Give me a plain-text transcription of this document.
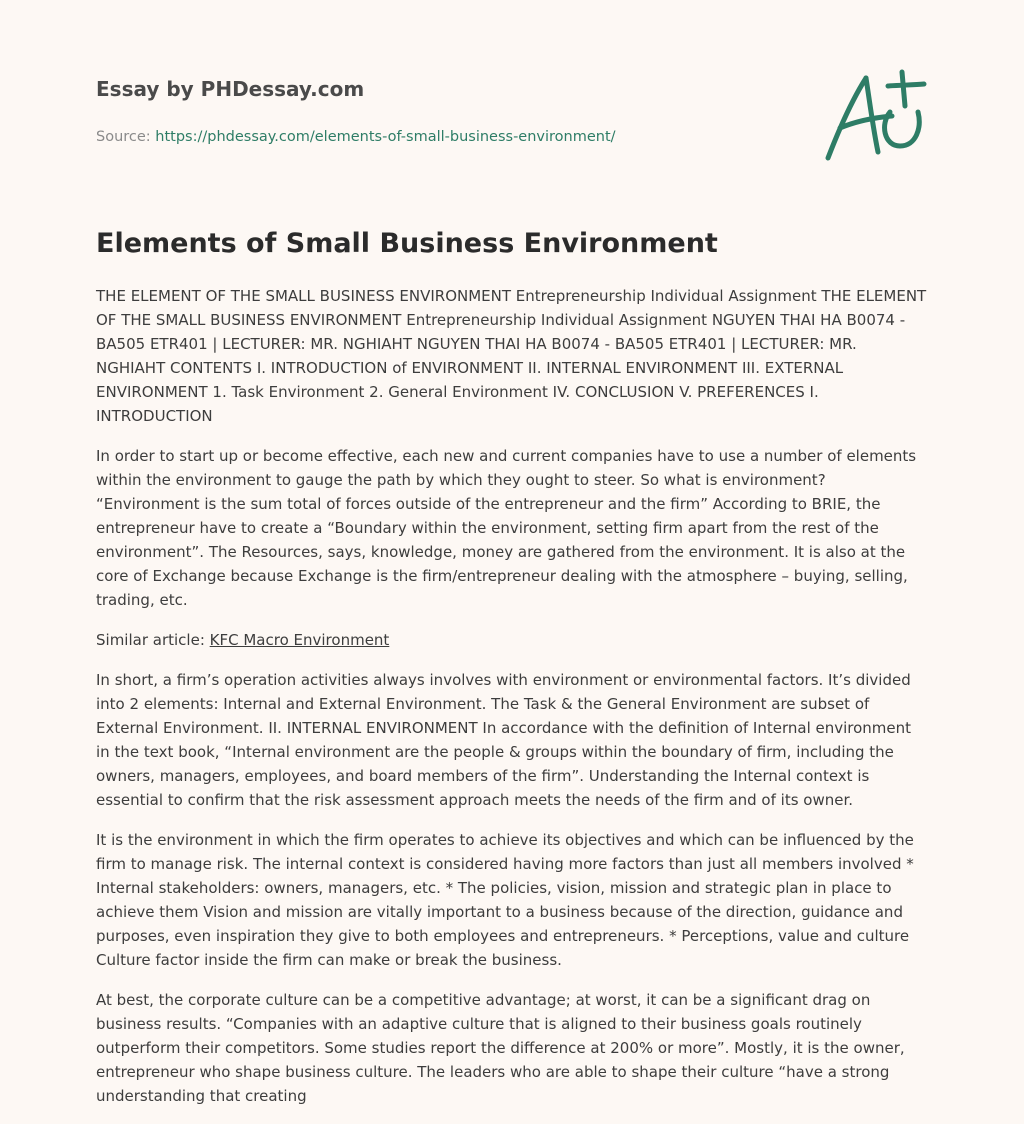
Essay by PHDessay.com
Source: https://phdessay.com/elements-of-small-business-environment/
Elements of Small Business Environment

THE ELEMENT OF THE SMALL BUSINESS ENVIRONMENT Entrepreneurship Individual Assignment THE ELEMENT OF THE SMALL BUSINESS ENVIRONMENT Entrepreneurship Individual Assignment NGUYEN THAI HA B0074 - BA505 ETR401 | LECTURER: MR. NGHIAHT NGUYEN THAI HA B0074 - BA505 ETR401 | LECTURER: MR. NGHIAHT CONTENTS I. INTRODUCTION of ENVIRONMENT II. INTERNAL ENVIRONMENT III. EXTERNAL ENVIRONMENT 1. Task Environment 2. General Environment IV. CONCLUSION V. PREFERENCES I. INTRODUCTION

In order to start up or become effective, each new and current companies have to use a number of elements within the environment to gauge the path by which they ought to steer. So what is environment? “Environment is the sum total of forces outside of the entrepreneur and the firm” According to BRIE, the entrepreneur have to create a “Boundary within the environment, setting firm apart from the rest of the environment”. The Resources, says, knowledge, money are gathered from the environment. It is also at the core of Exchange because Exchange is the firm/entrepreneur dealing with the atmosphere – buying, selling, trading, etc.

Similar article: KFC Macro Environment

In short, a firm’s operation activities always involves with environment or environmental factors. It’s divided into 2 elements: Internal and External Environment. The Task & the General Environment are subset of External Environment. II. INTERNAL ENVIRONMENT In accordance with the definition of Internal environment in the text book, “Internal environment are the people & groups within the boundary of firm, including the owners, managers, employees, and board members of the firm”. Understanding the Internal context is essential to confirm that the risk assessment approach meets the needs of the firm and of its owner.

It is the environment in which the firm operates to achieve its objectives and which can be influenced by the firm to manage risk. The internal context is considered having more factors than just all members involved * Internal stakeholders: owners, managers, etc. * The policies, vision, mission and strategic plan in place to achieve them Vision and mission are vitally important to a business because of the direction, guidance and purposes, even inspiration they give to both employees and entrepreneurs. * Perceptions, value and culture Culture factor inside the firm can make or break the business.

At best, the corporate culture can be a competitive advantage; at worst, it can be a significant drag on business results. “Companies with an adaptive culture that is aligned to their business goals routinely outperform their competitors. Some studies report the difference at 200% or more”. Mostly, it is the owner, entrepreneur who shape business culture. The leaders who are able to shape their culture “have a strong understanding that creating
